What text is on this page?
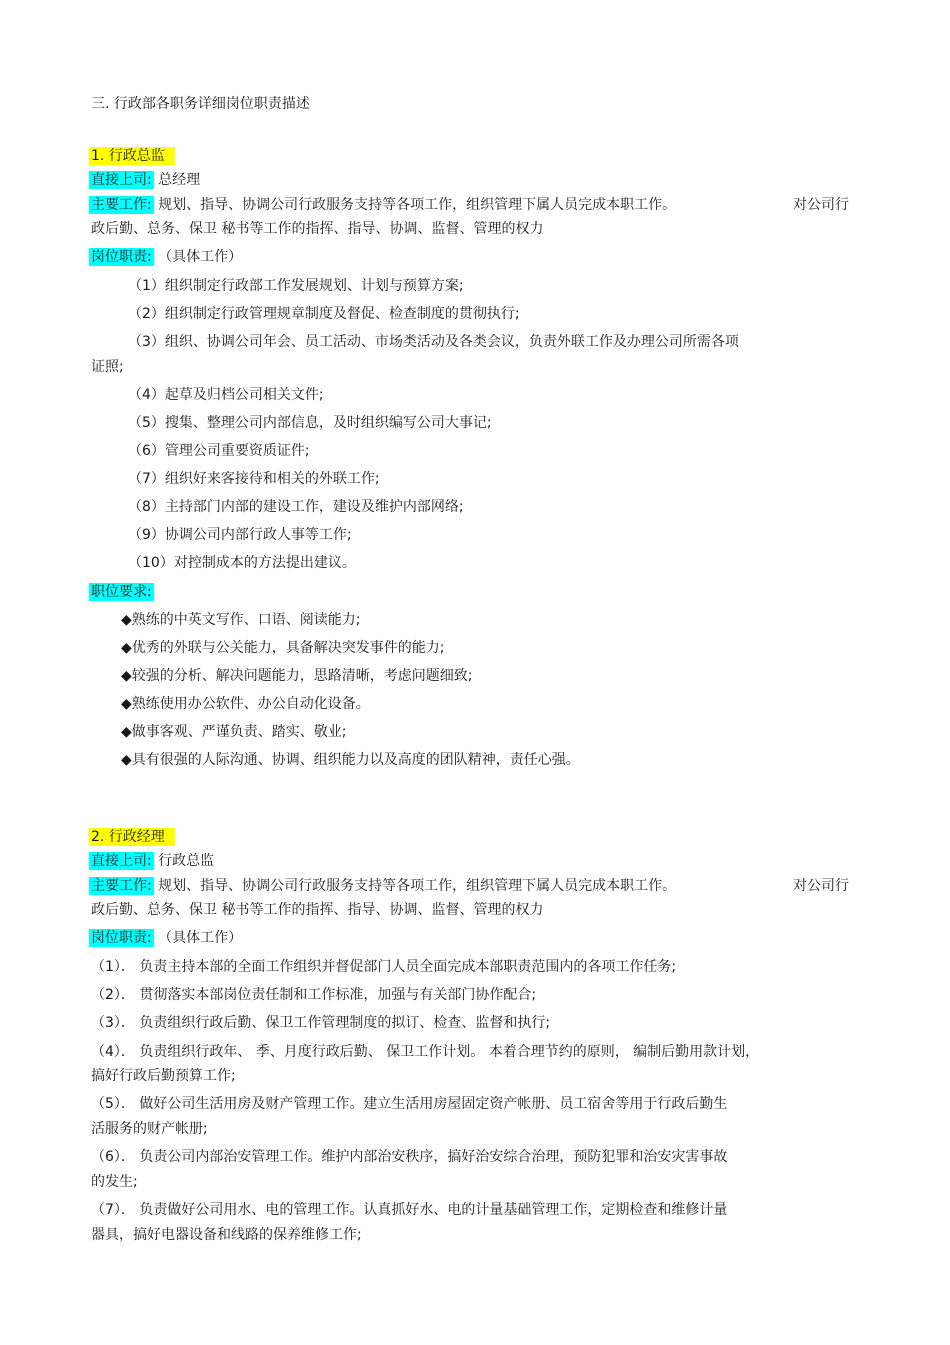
三. 行政部各职务详细岗位职责描述
1. 行政总监
直接上司: 总经理
主要工作: 规划、指导、协调公司行政服务支持等各项工作，组织管理下属人员完成本职工作。	对公司行
政后勤、总务、保卫 秘书等工作的指挥、指导、协调、监督、管理的权力
岗位职责: （具体工作）
（1）组织制定行政部工作发展规划、计划与预算方案;
（2）组织制定行政管理规章制度及督促、检查制度的贯彻执行;
（3）组织、协调公司年会、员工活动、市场类活动及各类会议，负责外联工作及办理公司所需各项
证照;
（4）起草及归档公司相关文件;
（5）搜集、整理公司内部信息，及时组织编写公司大事记;
（6）管理公司重要资质证件;
（7）组织好来客接待和相关的外联工作;
（8）主持部门内部的建设工作，建设及维护内部网络;
（9）协调公司内部行政人事等工作;
（10）对控制成本的方法提出建议。
职位要求:
◆熟练的中英文写作、口语、阅读能力;
◆优秀的外联与公关能力，具备解决突发事件的能力;
◆较强的分析、解决问题能力，思路清晰，考虑问题细致;
◆熟练使用办公软件、办公自动化设备。
◆做事客观、严谨负责、踏实、敬业;
◆具有很强的人际沟通、协调、组织能力以及高度的团队精神，责任心强。
2. 行政经理
直接上司: 行政总监
主要工作: 规划、指导、协调公司行政服务支持等各项工作，组织管理下属人员完成本职工作。	对公司行
政后勤、总务、保卫 秘书等工作的指挥、指导、协调、监督、管理的权力
岗位职责: （具体工作）
（1）． 负责主持本部的全面工作组织并督促部门人员全面完成本部职责范围内的各项工作任务;
（2）． 贯彻落实本部岗位责任制和工作标准，加强与有关部门协作配合;
（3）． 负责组织行政后勤、保卫工作管理制度的拟订、检查、监督和执行;
（4）． 负责组织行政年、 季、月度行政后勤、 保卫工作计划。 本着合理节约的原则， 编制后勤用款计划，
搞好行政后勤预算工作;
（5）． 做好公司生活用房及财产管理工作。建立生活用房屋固定资产帐册、员工宿舍等用于行政后勤生
活服务的财产帐册;
（6）． 负责公司内部治安管理工作。维护内部治安秩序，搞好治安综合治理，预防犯罪和治安灾害事故
的发生;
（7）． 负责做好公司用水、电的管理工作。认真抓好水、电的计量基础管理工作，定期检查和维修计量
器具，搞好电器设备和线路的保养维修工作;
